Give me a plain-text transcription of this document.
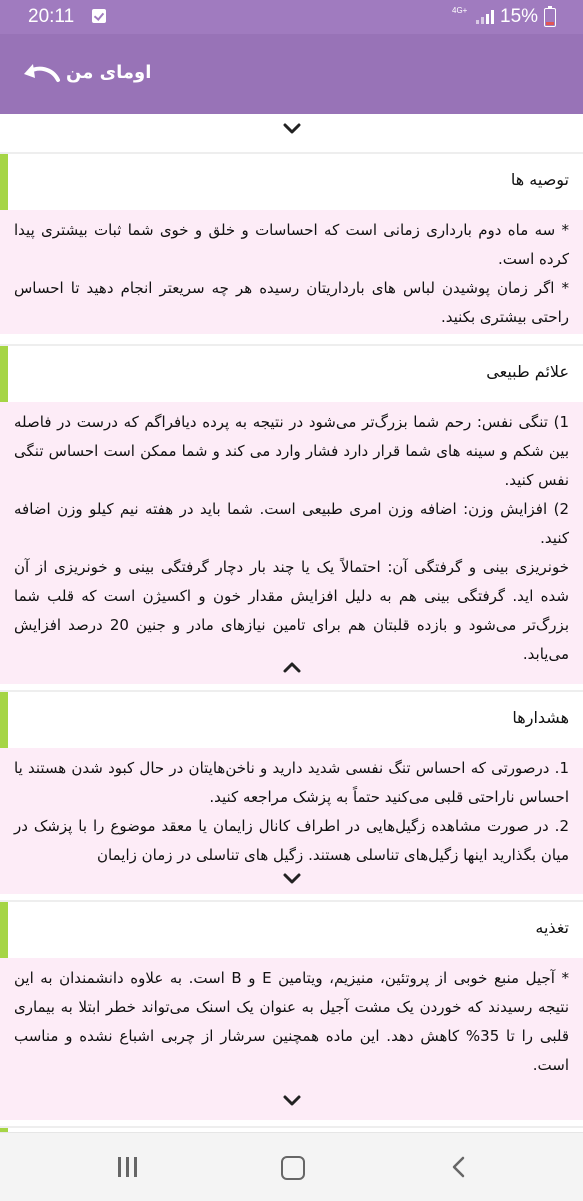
20:11	4G+ 15%
اومای من
توصیه ها

* سه ماه دوم بارداری زمانی است که احساسات و خلق و خوی شما ثبات بیشتری پیدا کرده است.

* اگر زمان پوشیدن لباس های بارداریتان رسیده هر چه سریعتر انجام دهید تا احساس راحتی بیشتری بکنید.

علائم طبیعی

1) تنگی نفس: رحم شما بزرگ‌تر می‌شود در نتیجه به پرده دیافراگم که درست در فاصله بین شکم و سینه های شما قرار دارد فشار وارد می کند و شما ممکن است احساس تنگی نفس کنید.

2) افزایش وزن: اضافه وزن امری طبیعی است. شما باید در هفته نیم کیلو وزن اضافه کنید.

خونریزی بینی و گرفتگی آن: احتمالاً یک یا چند بار دچار گرفتگی بینی و خونریزی از آن شده اید. گرفتگی بینی هم به دلیل افزایش مقدار خون و اکسیژن است که قلب شما بزرگ‌تر می‌شود و بازده قلبتان هم برای تامین نیازهای مادر و جنین 20 درصد افزایش می‌یابد.

هشدارها

1. درصورتی که احساس تنگ نفسی شدید دارید و ناخن‌هایتان در حال کبود شدن هستند یا احساس ناراحتی قلبی می‌کنید حتماً به پزشک مراجعه کنید.

2. در صورت مشاهده زگیل‌هایی در اطراف کانال زایمان یا معقد موضوع را با پزشک در میان بگذارید اینها زگیل‌های تناسلی هستند. زگیل های تناسلی در زمان زایمان

تغذیه

* آجیل منبع خوبی از پروتئین، منیزیم، ویتامین E و B است. به علاوه دانشمندان به این نتیجه رسیدند که خوردن یک مشت آجیل به عنوان یک اسنک می‌تواند خطر ابتلا به بیماری قلبی را تا 35% کاهش دهد. این ماده همچنین سرشار از چربی اشباع نشده و مناسب است.
